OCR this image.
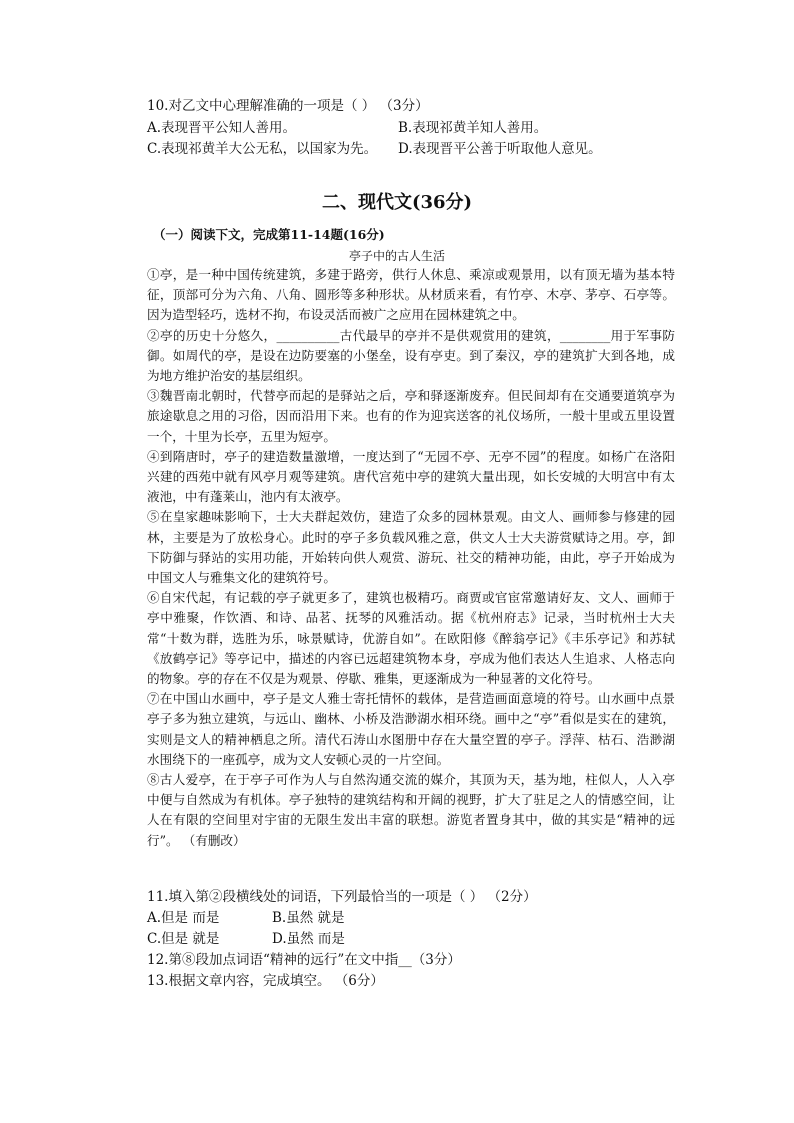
10.对乙文中心理解准确的一项是（ ） （3分）
A.表现晋平公知人善用。	B.表现祁黄羊知人善用。
C.表现祁黄羊大公无私，以国家为先。 D.表现晋平公善于听取他人意见。
二、现代文(36分)
（一）阅读下文，完成第11-14题(16分)
亭子中的古人生活

①亭，是一种中国传统建筑，多建于路旁，供行人休息、乘凉或观景用，以有顶无墙为基本特征，顶部可分为六角、八角、圆形等多种形状。从材质来看，有竹亭、木亭、茅亭、石亭等。因为造型轻巧，选材不拘，布设灵活而被广之应用在园林建筑之中。

②亭的历史十分悠久，__________古代最早的亭并不是供观赏用的建筑，________用于军事防御。如周代的亭，是设在边防要塞的小堡垒，设有亭吏。到了秦汉，亭的建筑扩大到各地，成为地方维护治安的基层组织。

③魏晋南北朝时，代替亭而起的是驿站之后，亭和驿逐渐废弃。但民间却有在交通要道筑亭为旅途歇息之用的习俗，因而沿用下来。也有的作为迎宾送客的礼仪场所，一般十里或五里设置一个，十里为长亭，五里为短亭。

④到隋唐时，亭子的建造数量激增，一度达到了“无园不亭、无亭不园”的程度。如杨广在洛阳兴建的西苑中就有风亭月观等建筑。唐代宫苑中亭的建筑大量出现，如长安城的大明宫中有太液池，中有蓬莱山，池内有太液亭。

⑤在皇家趣味影响下，士大夫群起效仿，建造了众多的园林景观。由文人、画师参与修建的园林，主要是为了放松身心。此时的亭子多负载风雅之意，供文人士大夫游赏赋诗之用。亭，卸下防御与驿站的实用功能，开始转向供人观赏、游玩、社交的精神功能，由此，亭子开始成为中国文人与雅集文化的建筑符号。

⑥自宋代起，有记载的亭子就更多了，建筑也极精巧。商贾或官宦常邀请好友、文人、画师于亭中雅聚，作饮酒、和诗、品茗、抚琴的风雅活动。据《杭州府志》记录，当时杭州士大夫常“十数为群，选胜为乐，咏景赋诗，优游自如”。在欧阳修《醉翁亭记》《丰乐亭记》和苏轼《放鹤亭记》等亭记中，描述的内容已远超建筑物本身，亭成为他们表达人生追求、人格志向的物象。亭的存在不仅是为观景、停歇、雅集，更逐渐成为一种显著的文化符号。

⑦在中国山水画中，亭子是文人雅士寄托情怀的载体，是营造画面意境的符号。山水画中点景亭子多为独立建筑，与远山、幽林、小桥及浩渺湖水相环绕。画中之“亭”看似是实在的建筑，实则是文人的精神栖息之所。清代石涛山水图册中存在大量空置的亭子。浮萍、枯石、浩渺湖水围绕下的一座孤亭，成为文人安顿心灵的一片空间。

⑧古人爱亭，在于亭子可作为人与自然沟通交流的媒介，其顶为天，基为地，柱似人，人入亭中便与自然成为有机体。亭子独特的建筑结构和开阔的视野，扩大了驻足之人的情感空间，让人在有限的空间里对宇宙的无限生发出丰富的联想。游览者置身其中，做的其实是“精神的远行”。 （有删改）

11.填入第②段横线处的词语，下列最恰当的一项是（ ） （2分）
A.但是 而是	B.虽然 就是
C.但是 就是	D.虽然 而是
12.第⑧段加点词语“精神的远行”在文中指__（3分）
13.根据文章内容，完成填空。 （6分）
